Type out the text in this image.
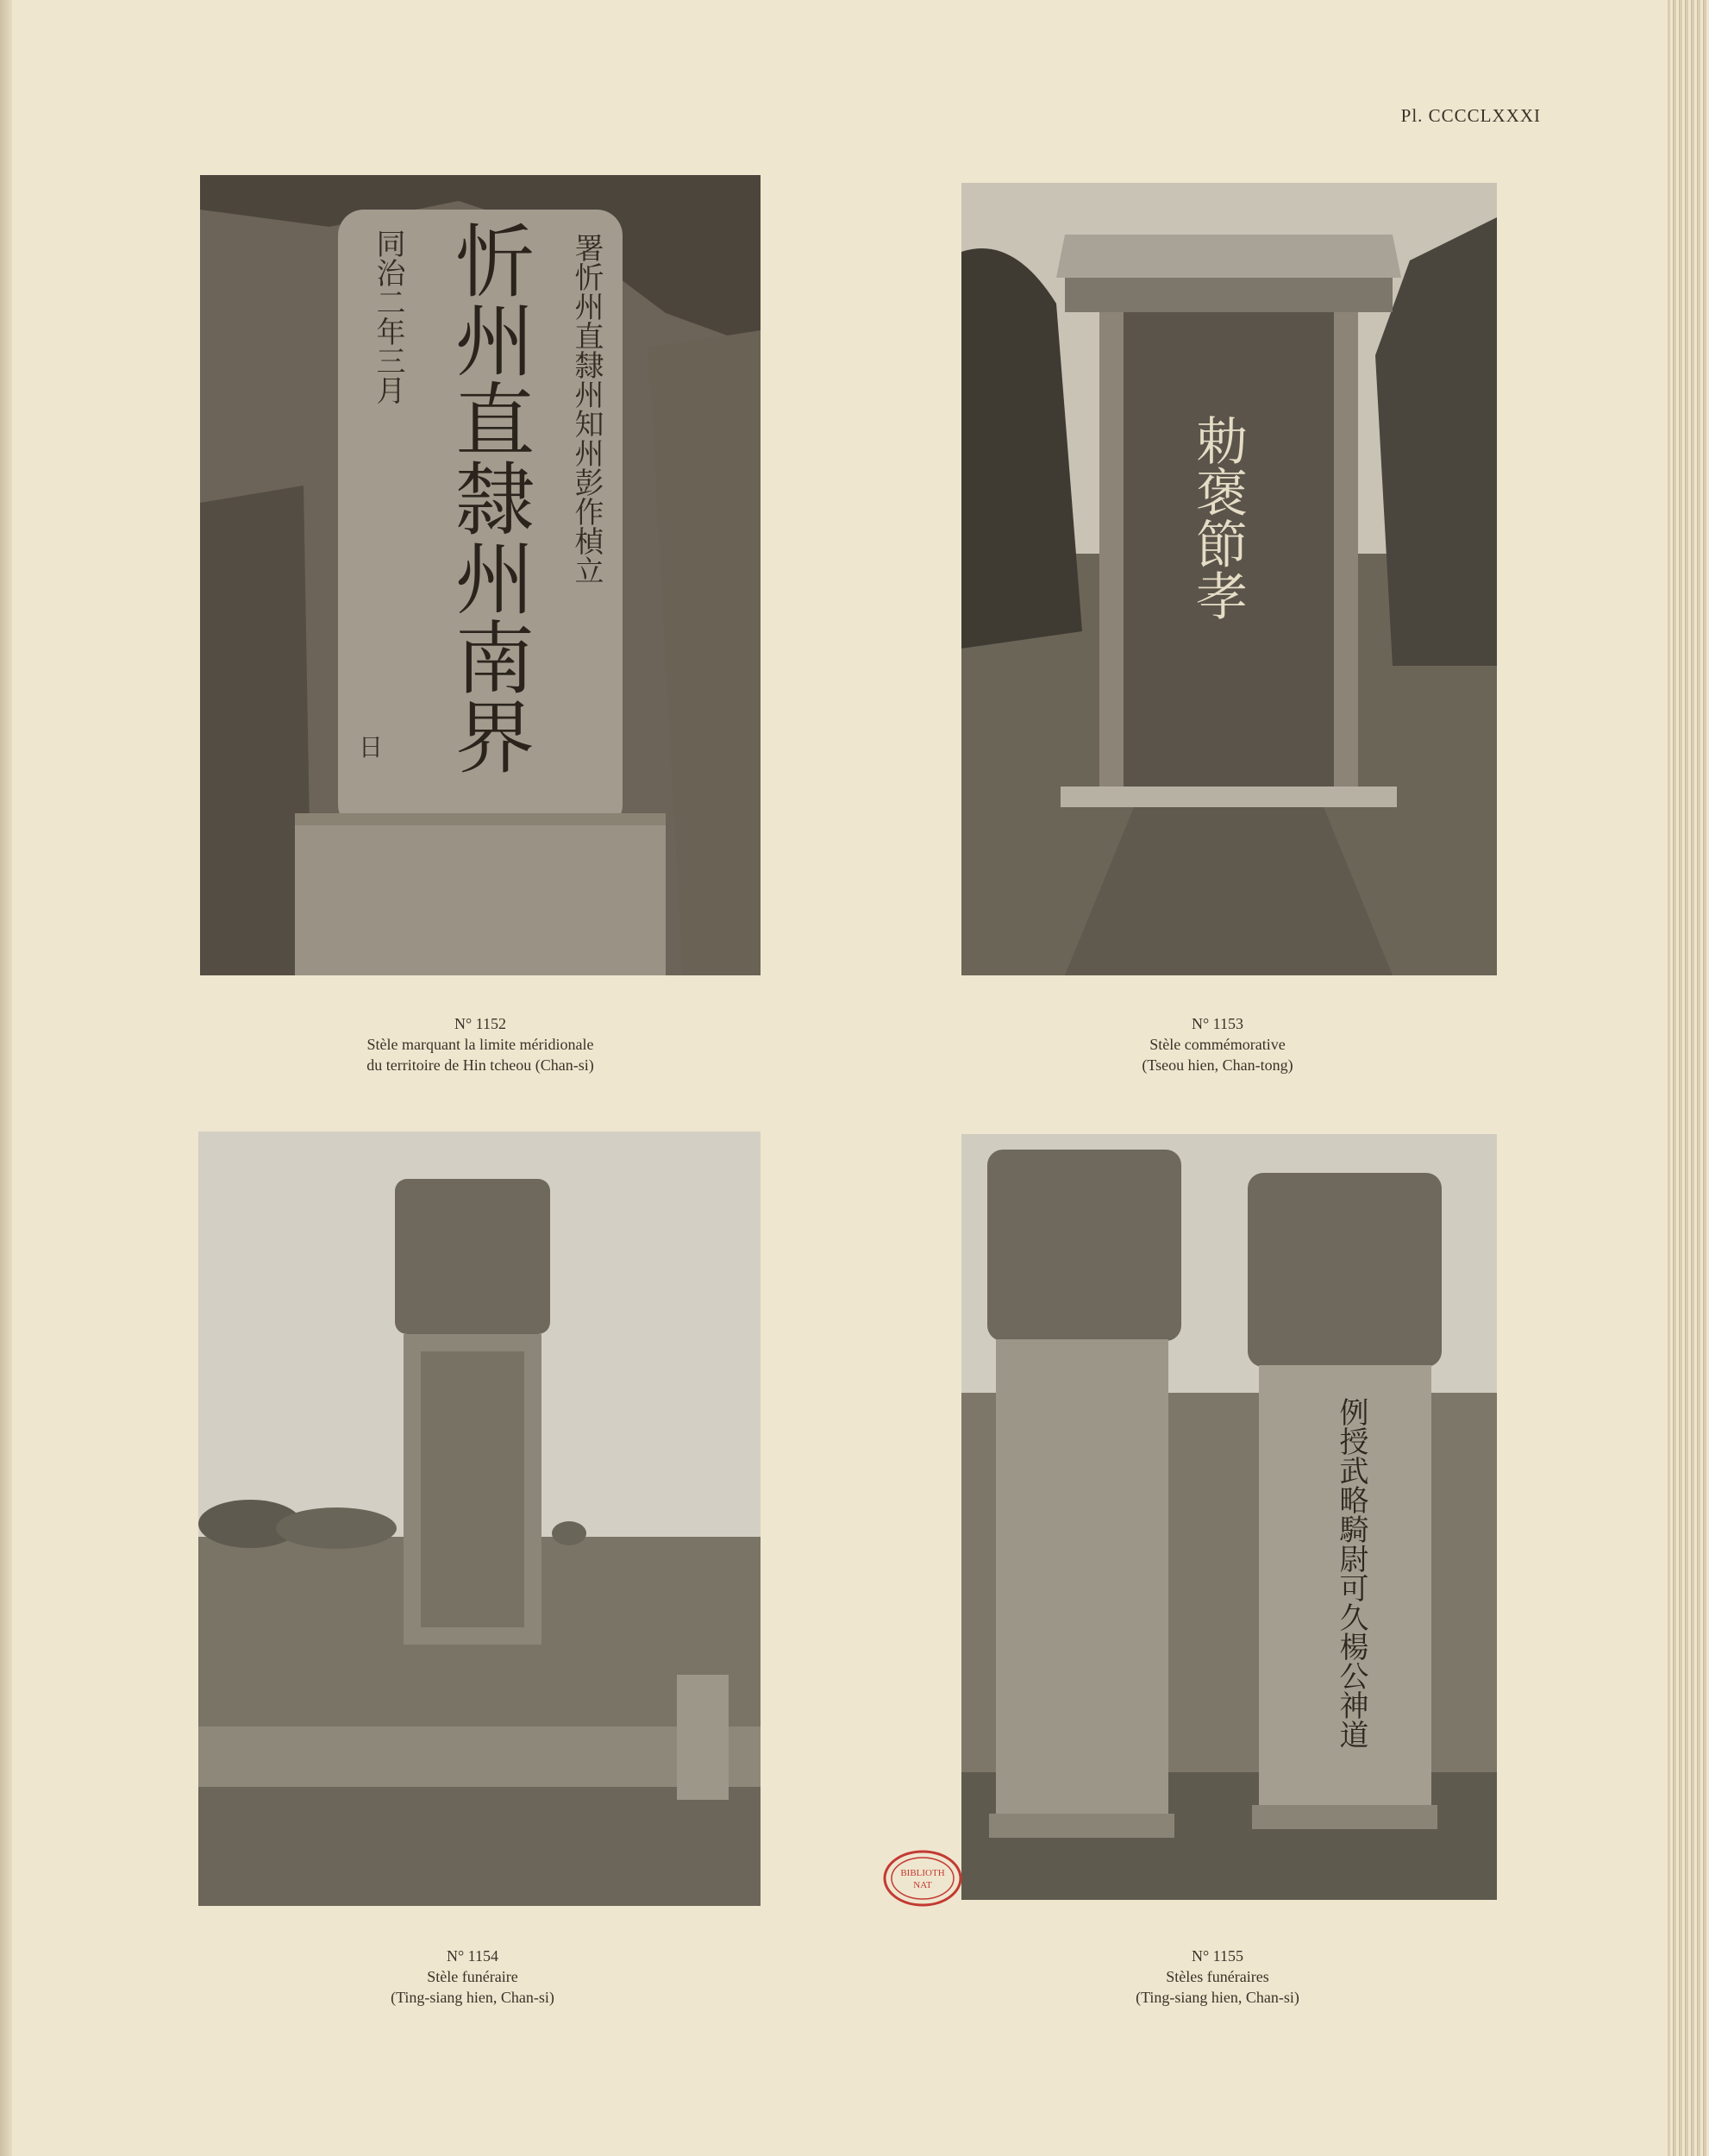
Pl. CCCCLXXXI
忻州直隸州南界 署忻州直隸州知州彭作楨立
同治二年三月
日
N° 1152
Stèle marquant la limite méridionale
du territoire de Hin tcheou (Chan-si)
勅褒節孝
N° 1153
Stèle commémorative
(Tseou hien, Chan-tong)
N° 1154
Stèle funéraire
(Ting-siang hien, Chan-si)
例授武略騎尉可久楊公神道
N° 1155
Stèles funéraires
(Ting-siang hien, Chan-si)
BIBLIOTH
NAT
